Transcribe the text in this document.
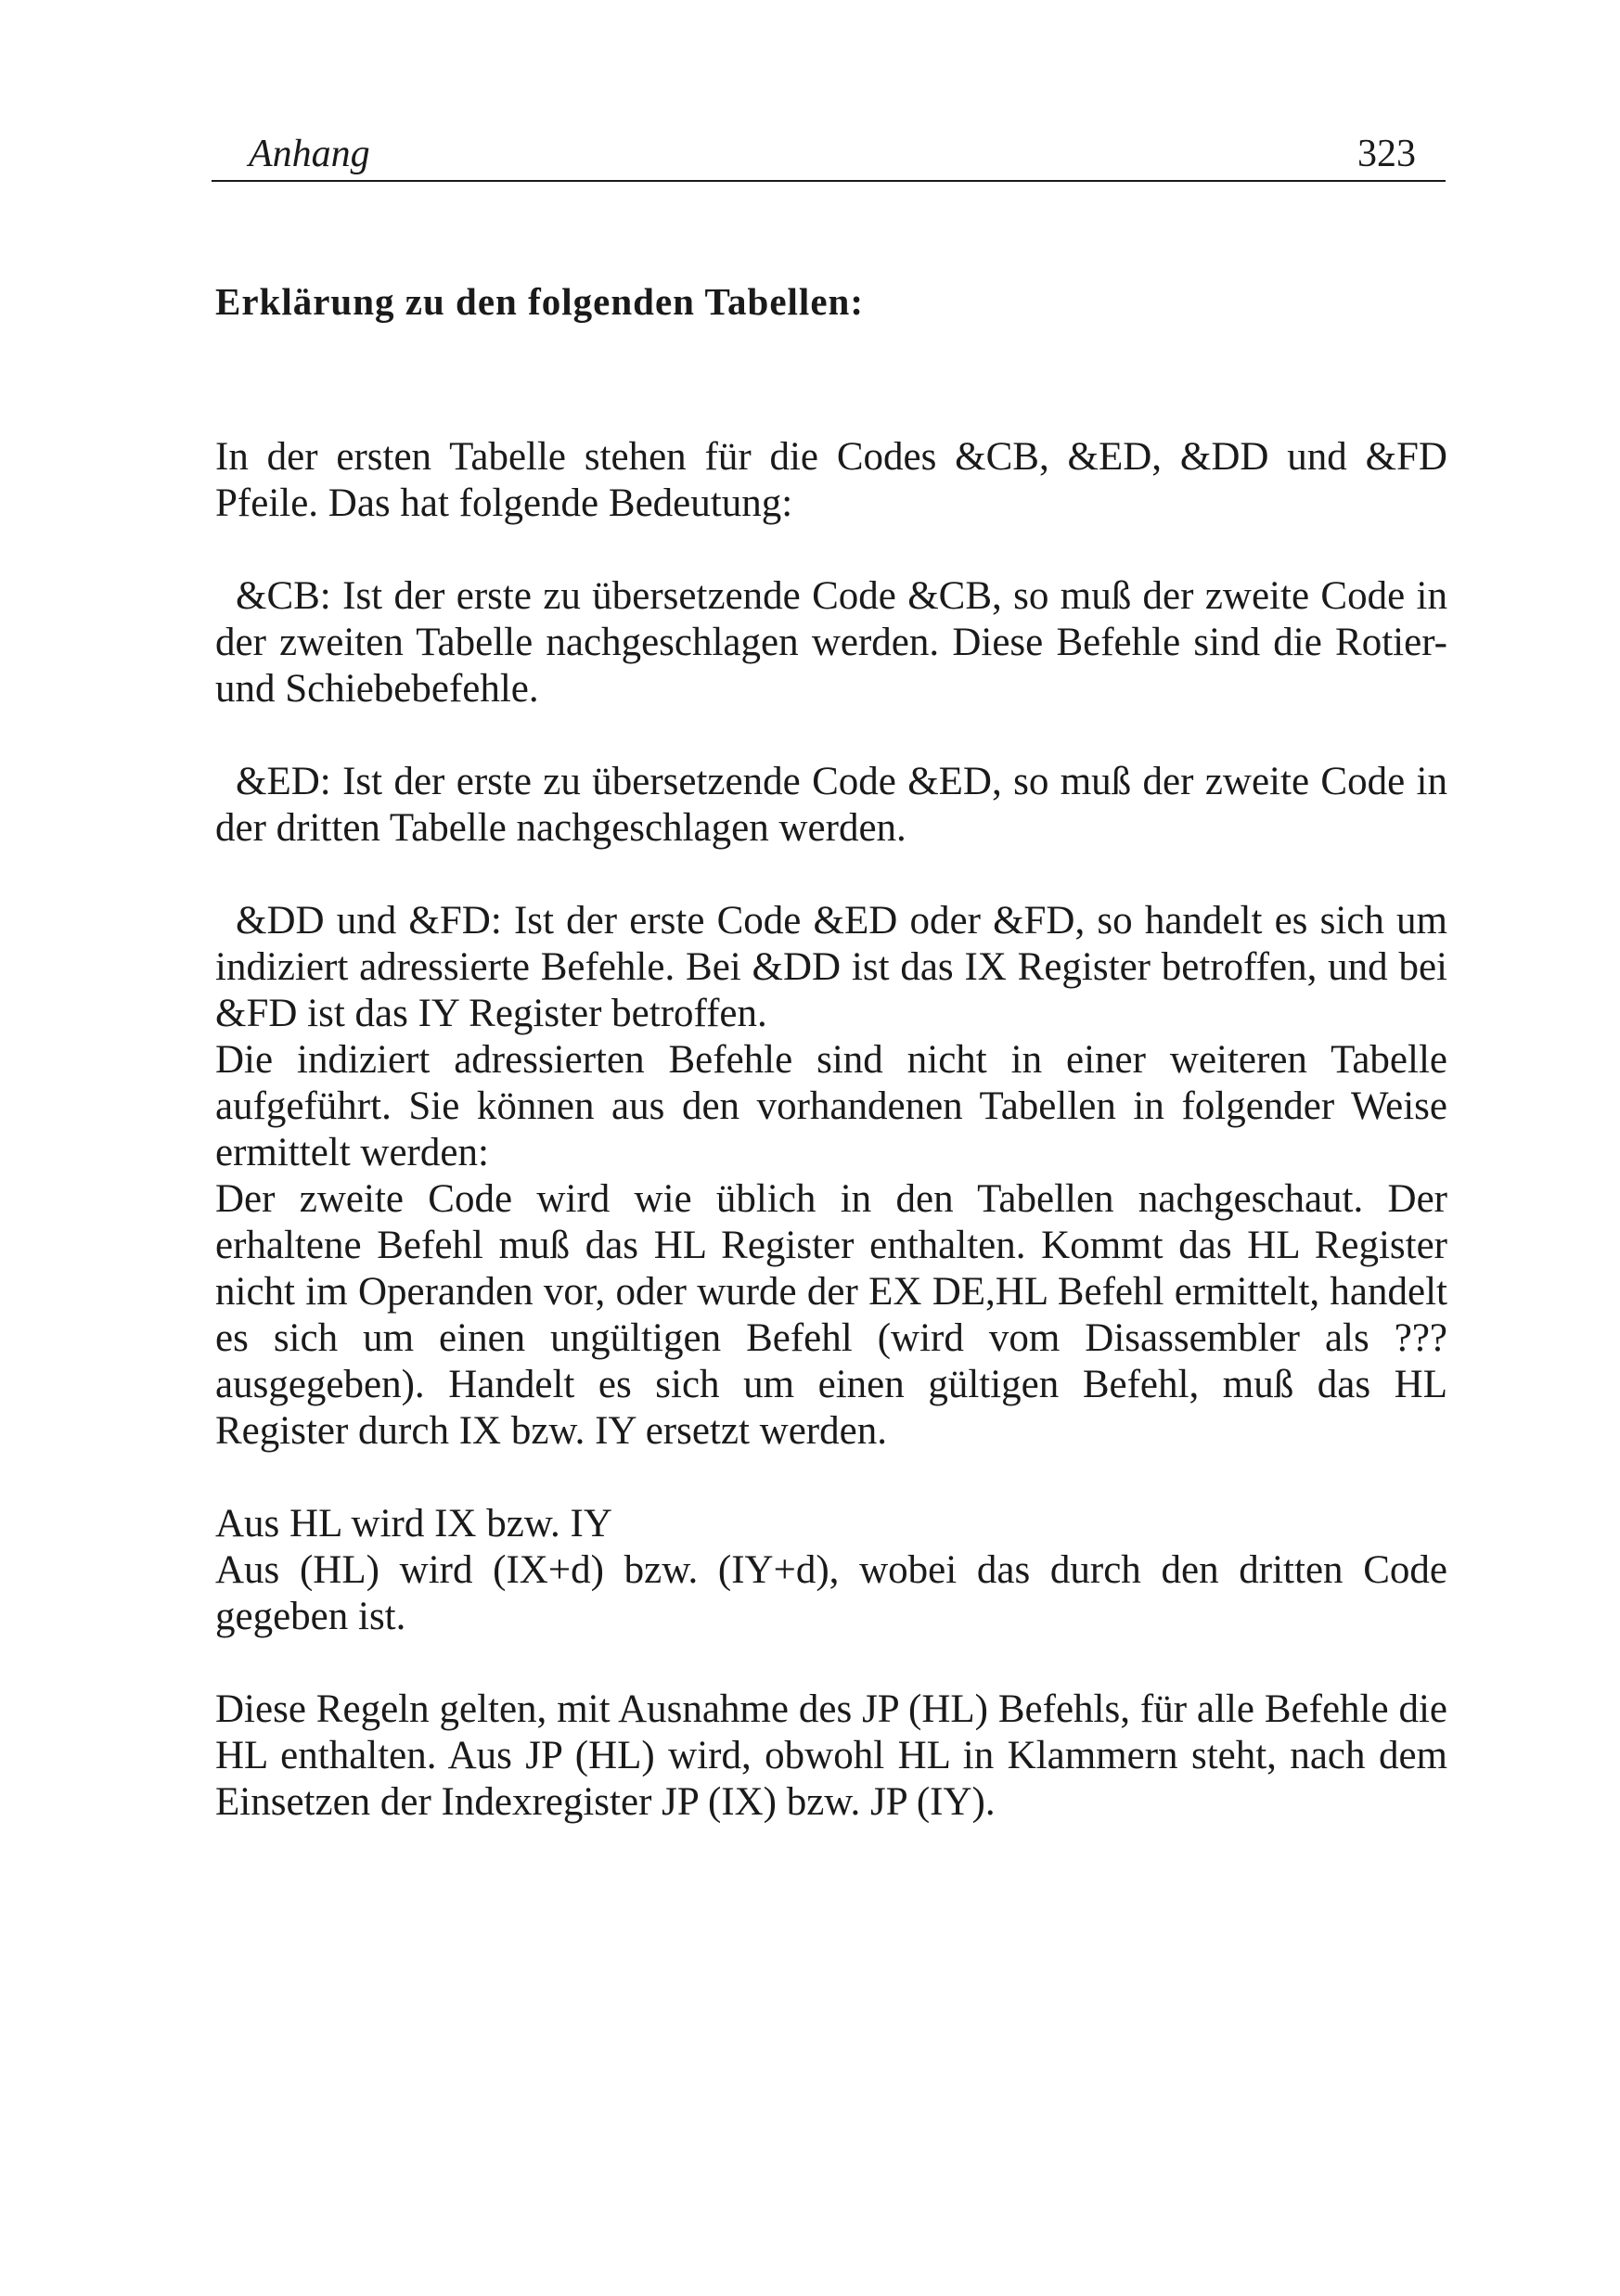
Anhang	323
Erklärung zu den folgenden Tabellen:

In der ersten Tabelle stehen für die Codes &CB, &ED, &DD und &FD Pfeile. Das hat folgende Bedeutung:

&CB: Ist der erste zu übersetzende Code &CB, so muß der zweite Code in der zweiten Tabelle nachgeschlagen werden. Diese Befehle sind die Rotier- und Schiebebefehle.

&ED: Ist der erste zu übersetzende Code &ED, so muß der zweite Code in der dritten Tabelle nachgeschlagen werden.

&DD und &FD: Ist der erste Code &ED oder &FD, so handelt es sich um indiziert adressierte Befehle. Bei &DD ist das IX Register betroffen, und bei &FD ist das IY Register betroffen.

Die indiziert adressierten Befehle sind nicht in einer weiteren Tabelle aufgeführt. Sie können aus den vorhandenen Tabellen in folgender Weise ermittelt werden:

Der zweite Code wird wie üblich in den Tabellen nachgeschaut. Der erhaltene Befehl muß das HL Register enthalten. Kommt das HL Register nicht im Operanden vor, oder wurde der EX DE,HL Befehl ermittelt, handelt es sich um einen ungültigen Befehl (wird vom Disassembler als ??? ausgegeben). Handelt es sich um einen gültigen Befehl, muß das HL Register durch IX bzw. IY ersetzt werden.

Aus HL wird IX bzw. IY

Aus (HL) wird (IX+d) bzw. (IY+d), wobei das durch den dritten Code gegeben ist.

Diese Regeln gelten, mit Ausnahme des JP (HL) Befehls, für alle Befehle die HL enthalten. Aus JP (HL) wird, obwohl HL in Klammern steht, nach dem Einsetzen der Indexregister JP (IX) bzw. JP (IY).
